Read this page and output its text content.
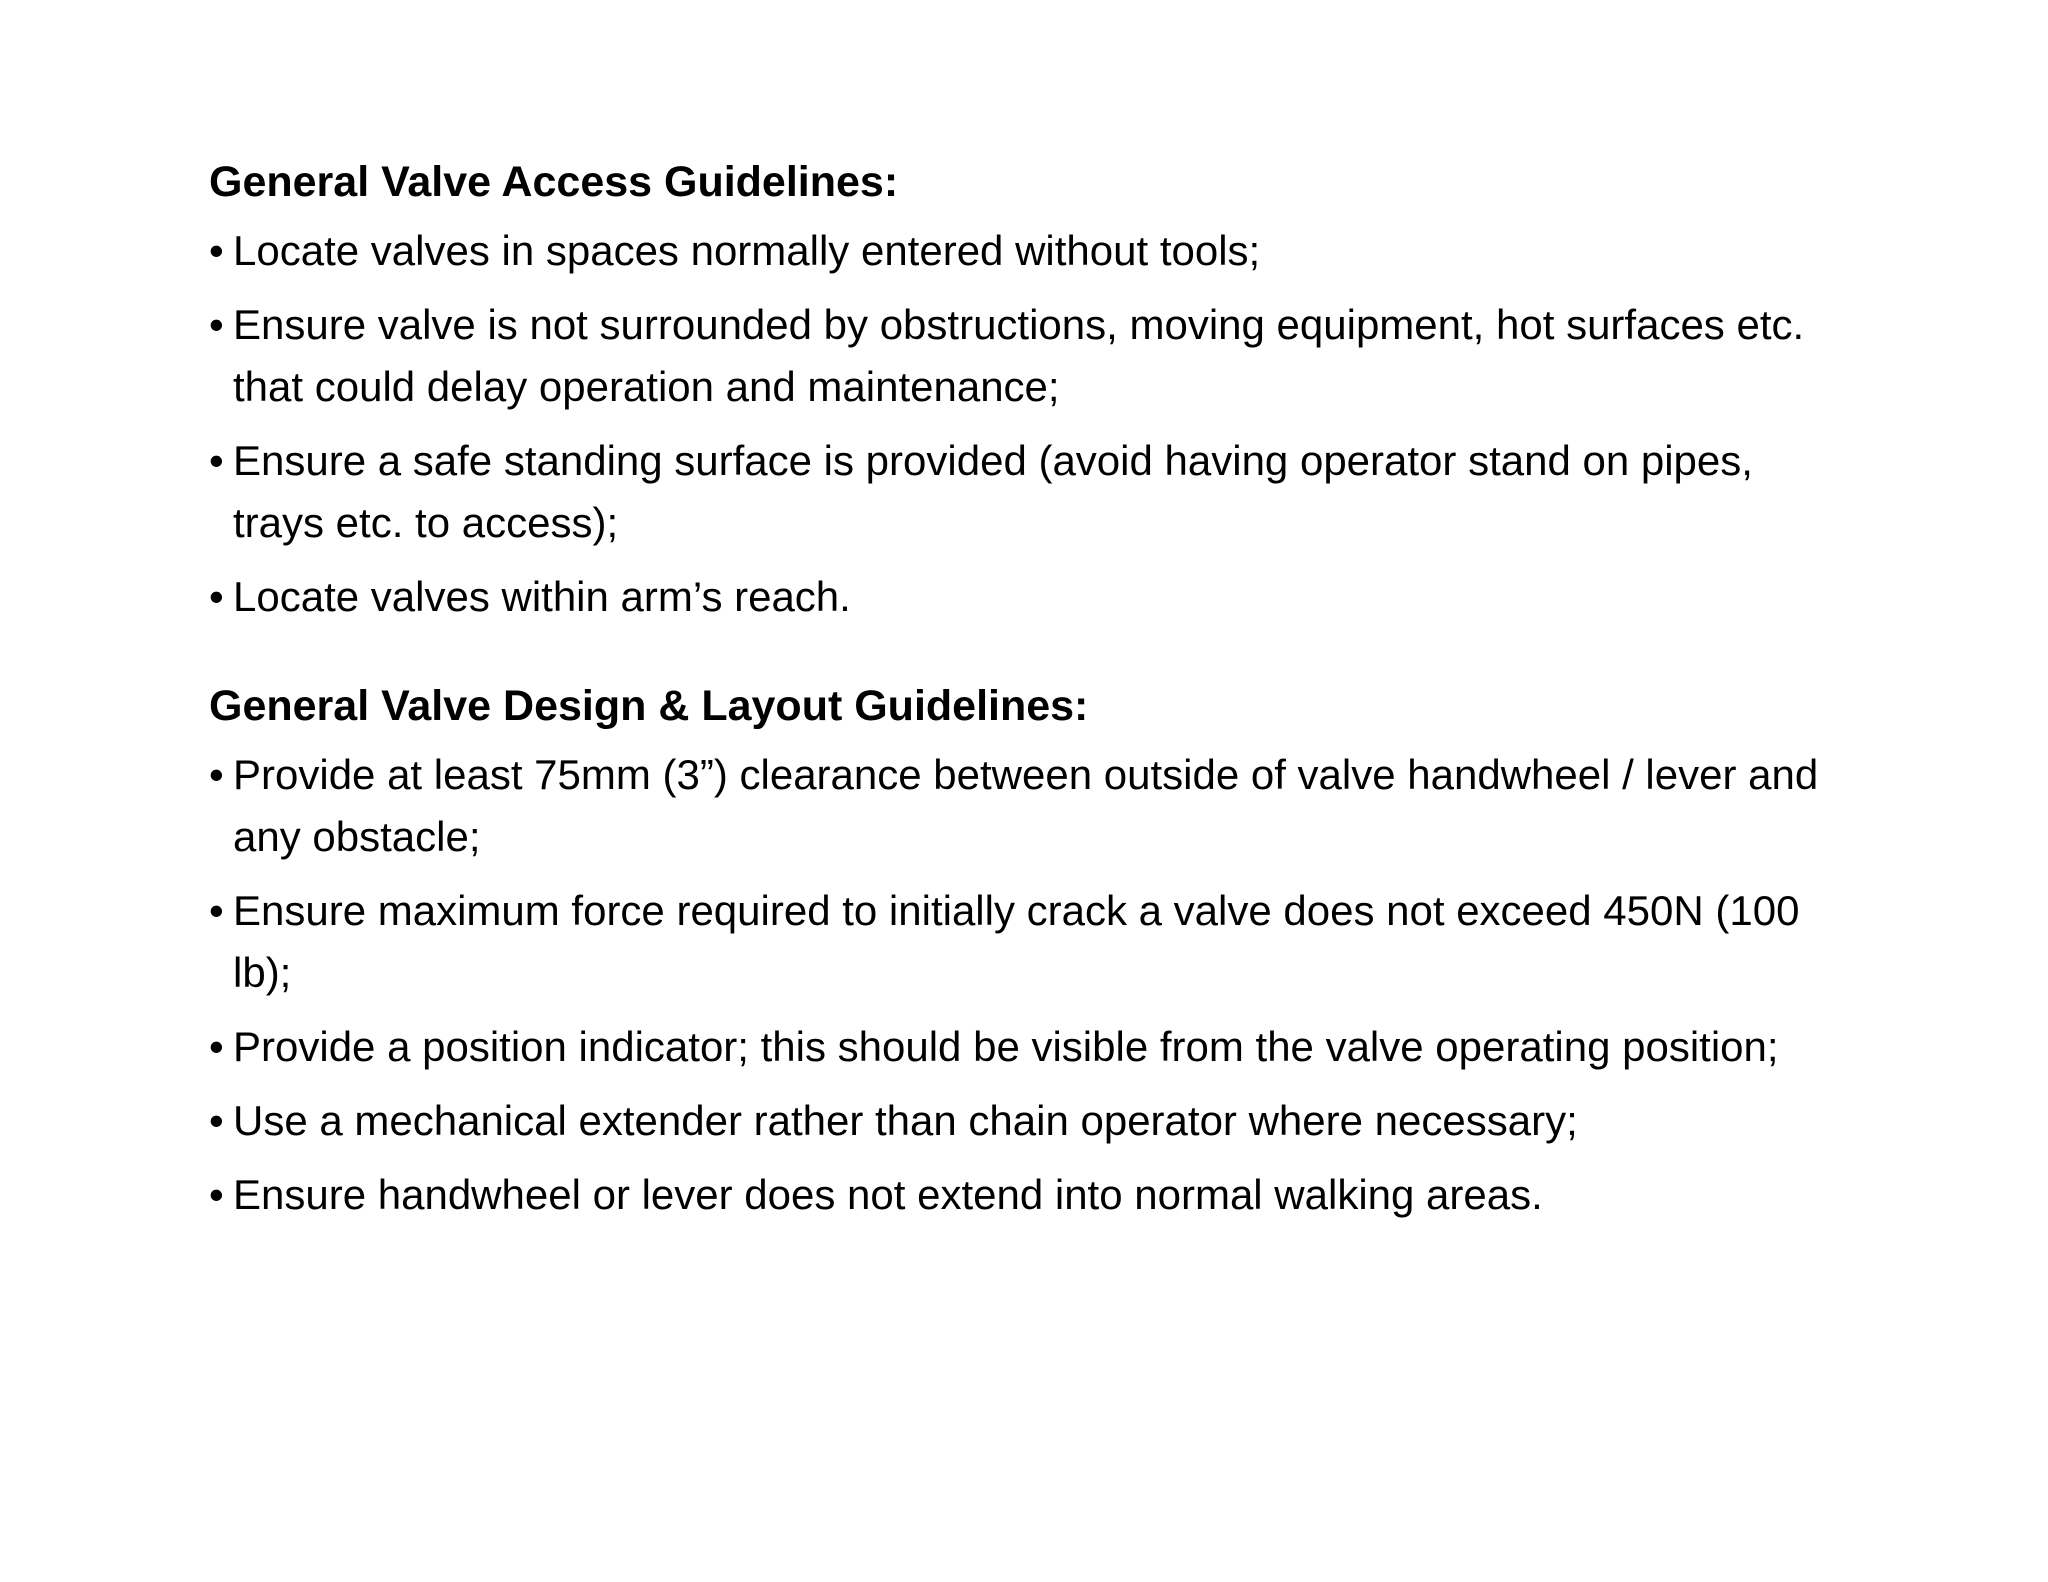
General Valve Access Guidelines:
• Locate valves in spaces normally entered without tools;
• Ensure valve is not surrounded by obstructions, moving equipment, hot surfaces etc. that could delay operation and maintenance;
• Ensure a safe standing surface is provided (avoid having operator stand on pipes, trays etc. to access);
• Locate valves within arm’s reach.
General Valve Design & Layout Guidelines:
• Provide at least 75mm (3”) clearance between outside of valve handwheel / lever and any obstacle;
• Ensure maximum force required to initially crack a valve does not exceed 450N (100 lb);
• Provide a position indicator; this should be visible from the valve operating position;
• Use a mechanical extender rather than chain operator where necessary;
• Ensure handwheel or lever does not extend into normal walking areas.
